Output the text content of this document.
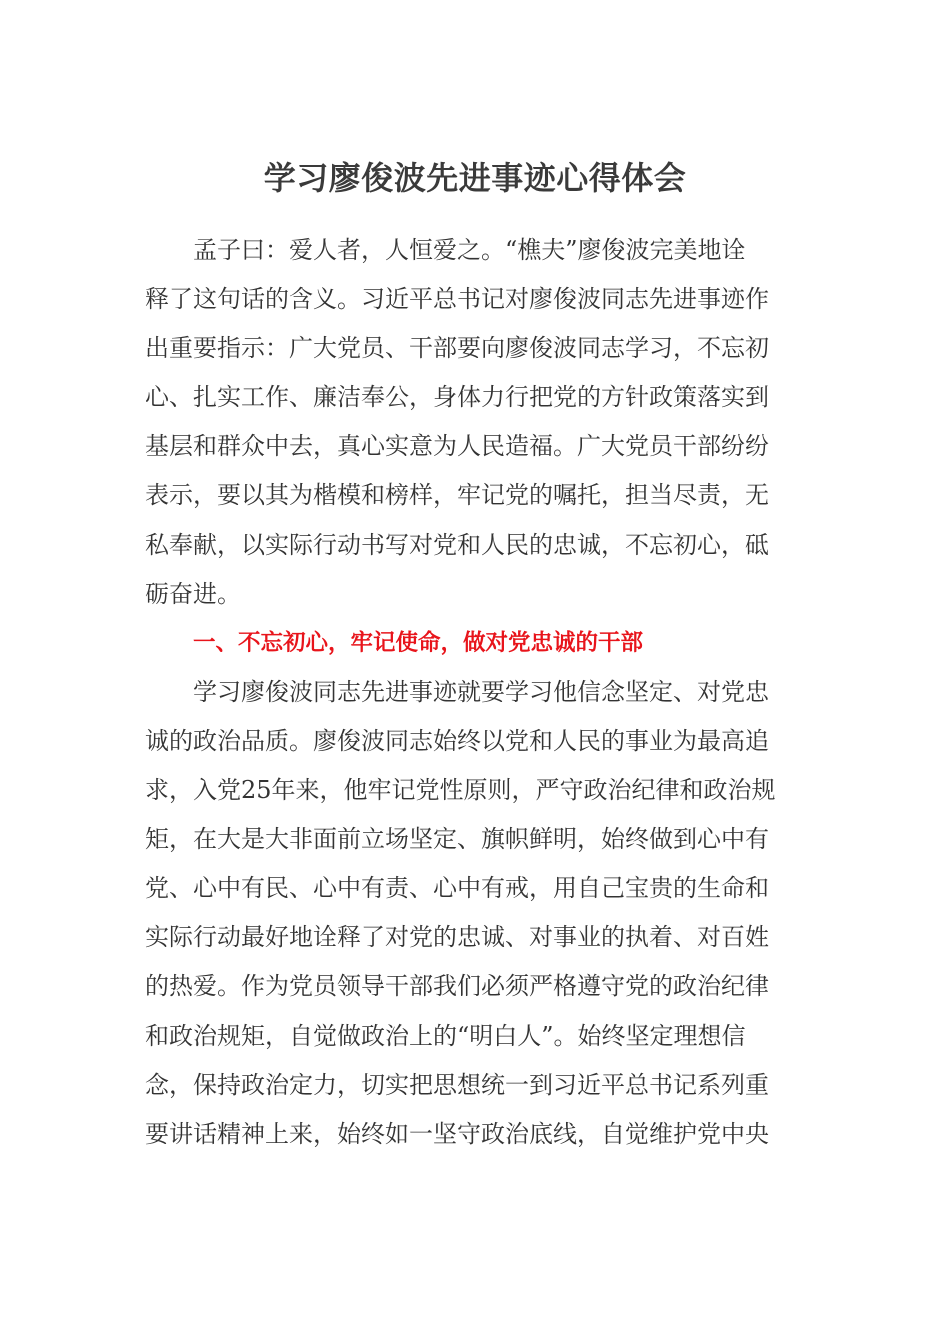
学习廖俊波先进事迹心得体会
孟子曰：爱人者，人恒爱之。“樵夫”廖俊波完美地诠
释了这句话的含义。习近平总书记对廖俊波同志先进事迹作
出重要指示：广大党员、干部要向廖俊波同志学习，不忘初
心、扎实工作、廉洁奉公，身体力行把党的方针政策落实到
基层和群众中去，真心实意为人民造福。广大党员干部纷纷
表示，要以其为楷模和榜样，牢记党的嘱托，担当尽责，无
私奉献，以实际行动书写对党和人民的忠诚，不忘初心，砥
砺奋进。
一、不忘初心，牢记使命，做对党忠诚的干部
学习廖俊波同志先进事迹就要学习他信念坚定、对党忠
诚的政治品质。廖俊波同志始终以党和人民的事业为最高追
求，入党25年来，他牢记党性原则，严守政治纪律和政治规
矩，在大是大非面前立场坚定、旗帜鲜明，始终做到心中有
党、心中有民、心中有责、心中有戒，用自己宝贵的生命和
实际行动最好地诠释了对党的忠诚、对事业的执着、对百姓
的热爱。作为党员领导干部我们必须严格遵守党的政治纪律
和政治规矩，自觉做政治上的“明白人”。始终坚定理想信
念，保持政治定力，切实把思想统一到习近平总书记系列重
要讲话精神上来，始终如一坚守政治底线，自觉维护党中央
